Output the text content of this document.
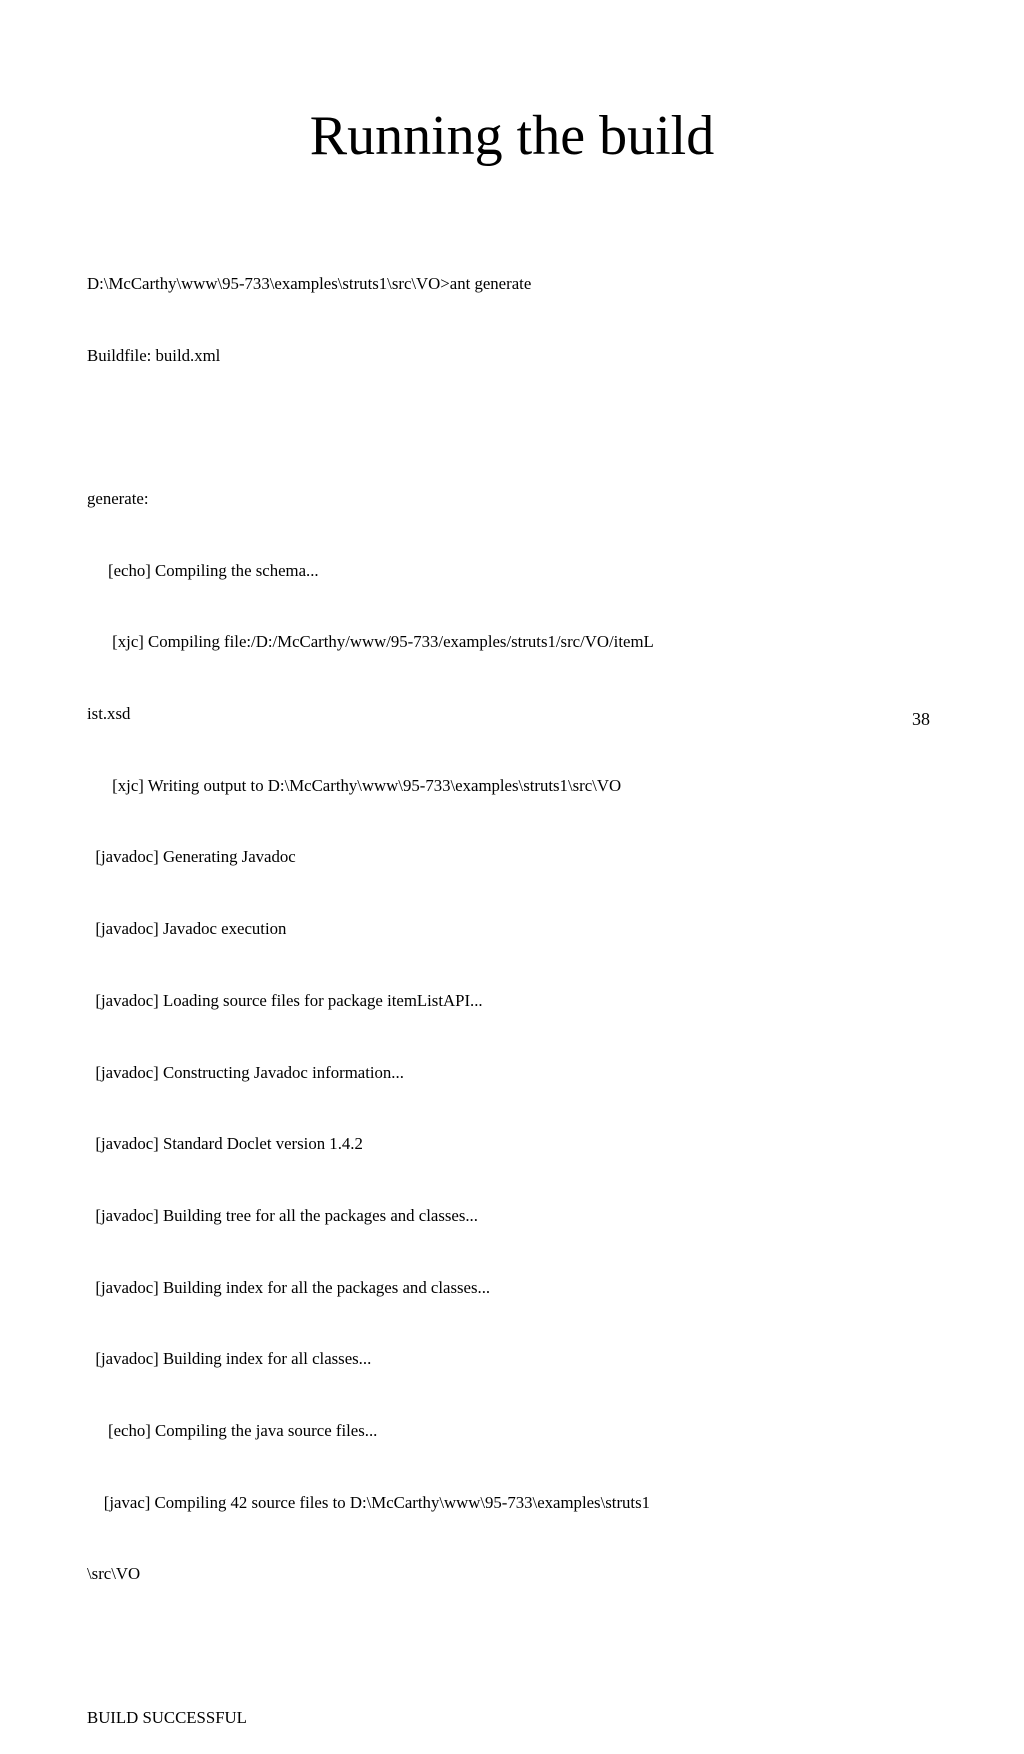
Running the build

D:\McCarthy\www\95-733\examples\struts1\src\VO>ant generate

Buildfile: build.xml

generate:

[echo] Compiling the schema...

[xjc] Compiling file:/D:/McCarthy/www/95-733/examples/struts1/src/VO/itemL

ist.xsd

[xjc] Writing output to D:\McCarthy\www\95-733\examples\struts1\src\VO

[javadoc] Generating Javadoc

[javadoc] Javadoc execution

[javadoc] Loading source files for package itemListAPI...

[javadoc] Constructing Javadoc information...

[javadoc] Standard Doclet version 1.4.2

[javadoc] Building tree for all the packages and classes...

[javadoc] Building index for all the packages and classes...

[javadoc] Building index for all classes...

[echo] Compiling the java source files...

[javac] Compiling 42 source files to D:\McCarthy\www\95-733\examples\struts1

\src\VO

BUILD SUCCESSFUL

38
